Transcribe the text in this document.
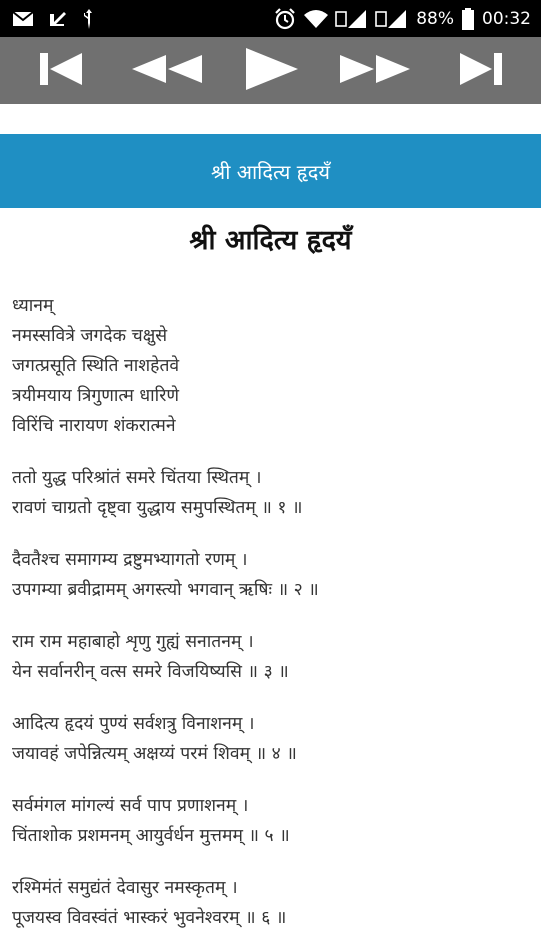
88% 00:32
श्री आदित्य हृदयँ
श्री आदित्य हृदयँ
ध्यानम्
नमस्सवित्रे जगदेक चक्षुसे
जगत्प्रसूति स्थिति नाशहेतवे
त्रयीमयाय त्रिगुणात्म धारिणे
विरिंचि नारायण शंकरात्मने
ततो युद्ध परिश्रांतं समरे चिंतया स्थितम् ।
रावणं चाग्रतो दृष्ट्वा युद्धाय समुपस्थितम् ॥ १ ॥
दैवतैश्च समागम्य द्रष्टुमभ्यागतो रणम् ।
उपगम्या ब्रवीद्रामम् अगस्त्यो भगवान् ऋषिः ॥ २ ॥
राम राम महाबाहो शृणु गुह्यं सनातनम् ।
येन सर्वानरीन् वत्स समरे विजयिष्यसि ॥ ३ ॥
आदित्य हृदयं पुण्यं सर्वशत्रु विनाशनम् ।
जयावहं जपेन्नित्यम् अक्षय्यं परमं शिवम् ॥ ४ ॥
सर्वमंगल मांगल्यं सर्व पाप प्रणाशनम् ।
चिंताशोक प्रशमनम् आयुर्वर्धन मुत्तमम् ॥ ५ ॥
रश्मिमंतं समुद्यंतं देवासुर नमस्कृतम् ।
पूजयस्व विवस्वंतं भास्करं भुवनेश्वरम् ॥ ६ ॥
